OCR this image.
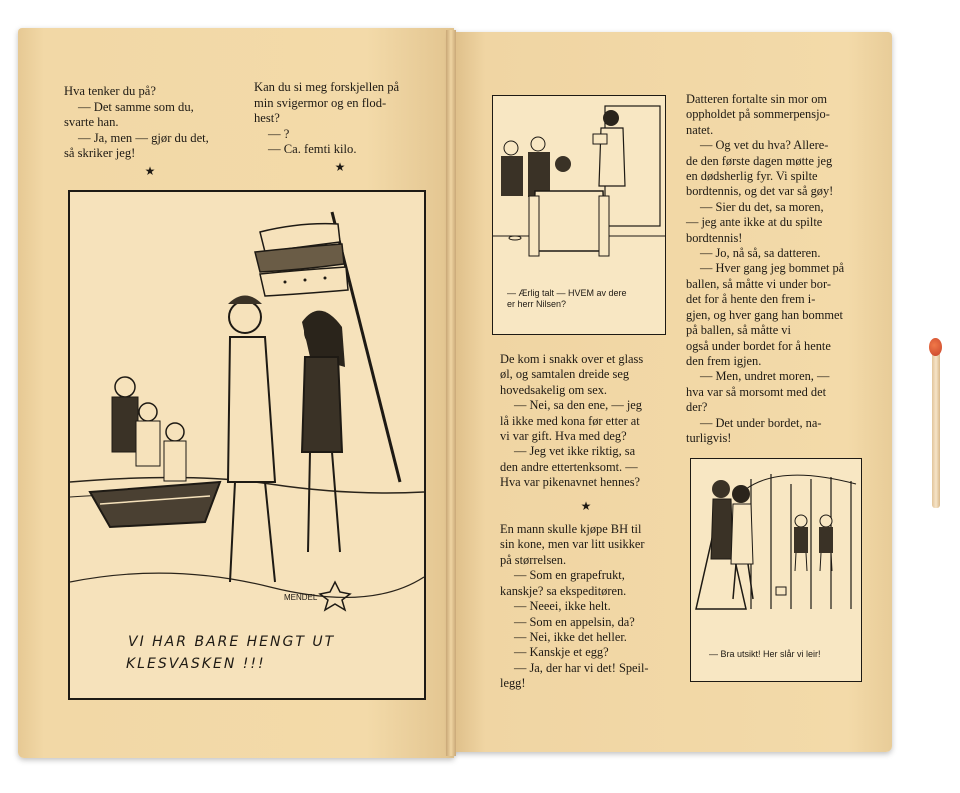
Hva tenker du på?

— Det samme som du,

svarte han.

— Ja, men — gjør du det,

så skriker jeg!

★

Kan du si meg forskjellen på

min svigermor og en flod-

hest?

— ?

— Ca. femti kilo.

★
MENDEL
VI HAR BARE HENGT UT
KLESVASKEN !!!
— Ærlig talt — HVEM av dere
er herr Nilsen?

De kom i snakk over et glass

øl, og samtalen dreide seg

hovedsakelig om sex.

— Nei, sa den ene, — jeg

lå ikke med kona før etter at

vi var gift. Hva med deg?

— Jeg vet ikke riktig, sa

den andre ettertenksomt. —

Hva var pikenavnet hennes?

★

En mann skulle kjøpe BH til

sin kone, men var litt usikker

på størrelsen.

— Som en grapefrukt,

kanskje? sa ekspeditøren.

— Neeei, ikke helt.

— Som en appelsin, da?

— Nei, ikke det heller.

— Kanskje et egg?

— Ja, der har vi det! Speil-

legg!

Datteren fortalte sin mor om

oppholdet på sommerpensjo-

natet.

— Og vet du hva? Allere-

de den første dagen møtte jeg

en dødsherlig fyr. Vi spilte

bordtennis, og det var så gøy!

— Sier du det, sa moren,

— jeg ante ikke at du spilte

bordtennis!

— Jo, nå så, sa datteren.

— Hver gang jeg bommet på

ballen, så måtte vi under bor-

det for å hente den frem i-

gjen, og hver gang han bommet

på ballen, så måtte vi

også under bordet for å hente

den frem igjen.

— Men, undret moren, —

hva var så morsomt med det

der?

— Det under bordet, na-

turligvis!

— Bra utsikt! Her slår vi leir!
